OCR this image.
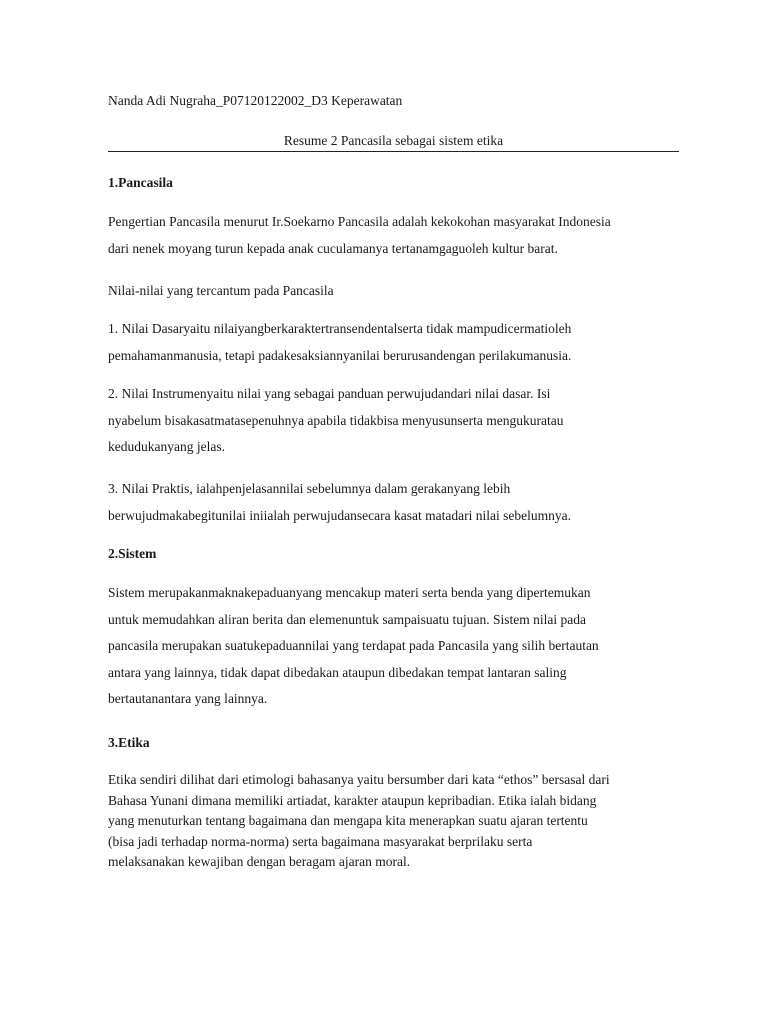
Nanda Adi Nugraha_P07120122002_D3 Keperawatan
Resume 2 Pancasila sebagai sistem etika
1.Pancasila
Pengertian Pancasila menurut Ir.Soekarno Pancasila adalah kekokohan masyarakat Indonesia
dari nenek moyang turun kepada anak cuculamanya tertanamgaguoleh kultur barat.
Nilai-nilai yang tercantum pada Pancasila
1. Nilai Dasaryaitu nilaiyangberkaraktertransendentalserta tidak mampudicermatioleh
pemahamanmanusia, tetapi padakesaksiannyanilai berurusandengan perilakumanusia.
2. Nilai Instrumenyaitu nilai yang sebagai panduan perwujudandari nilai dasar. Isi
nyabelum bisakasatmatasepenuhnya apabila tidakbisa menyusunserta mengukuratau
kedudukanyang jelas.
3. Nilai Praktis, ialahpenjelasannilai sebelumnya dalam gerakanyang lebih
berwujudmakabegitunilai iniialah perwujudansecara kasat matadari nilai sebelumnya.
2.Sistem
Sistem merupakanmaknakepaduanyang mencakup materi serta benda yang dipertemukan
untuk memudahkan aliran berita dan elemenuntuk sampaisuatu tujuan. Sistem nilai pada
pancasila merupakan suatukepaduannilai yang terdapat pada Pancasila yang silih bertautan
antara yang lainnya, tidak dapat dibedakan ataupun dibedakan tempat lantaran saling
bertautanantara yang lainnya.
3.Etika
Etika sendiri dilihat dari etimologi bahasanya yaitu bersumber dari kata “ethos” bersasal dari
Bahasa Yunani dimana memiliki artiadat, karakter ataupun kepribadian. Etika ialah bidang
yang menuturkan tentang bagaimana dan mengapa kita menerapkan suatu ajaran tertentu
(bisa jadi terhadap norma-norma) serta bagaimana masyarakat berprilaku serta
melaksanakan kewajiban dengan beragam ajaran moral.
